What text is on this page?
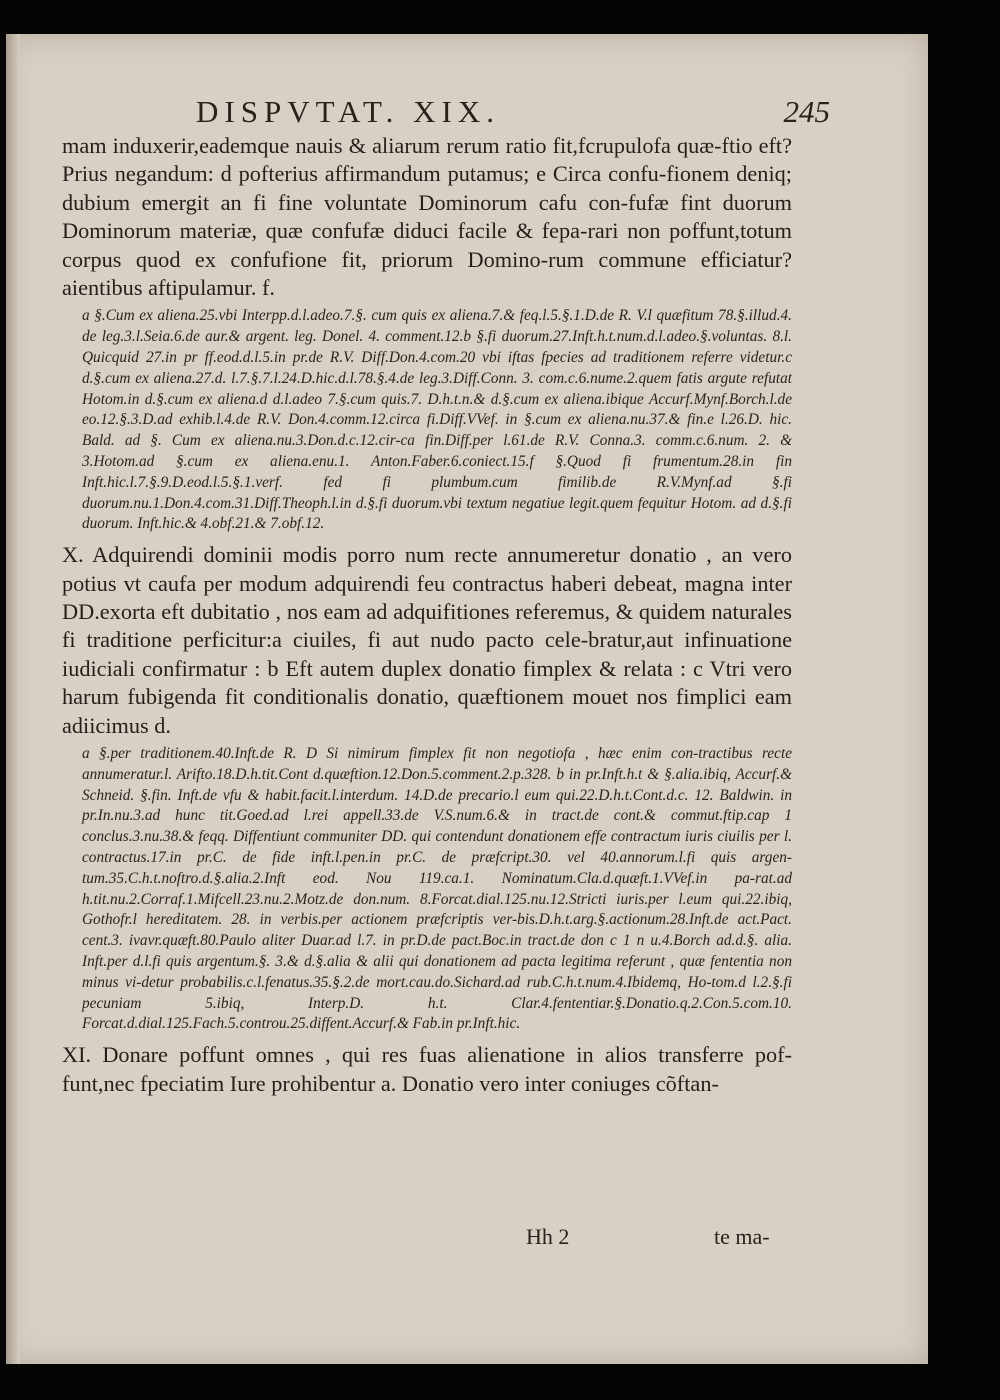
DISPVTAT. XIX.	245

mam induxerir,eademque nauis & aliarum rerum ratio fit,fcrupulofa quæ-ftio eft? Prius negandum: d pofterius affirmandum putamus; e Circa confu-fionem deniq; dubium emergit an fi fine voluntate Dominorum cafu con-fufæ fint duorum Dominorum materiæ, quæ confufæ diduci facile & fepa-rari non poffunt,totum corpus quod ex confufione fit, priorum Domino-rum commune efficiatur? aientibus aftipulamur. f.

a §.Cum ex aliena.25.vbi Interpp.d.l.adeo.7.§. cum quis ex aliena.7.& feq.l.5.§.1.D.de R. V.l quæfitum 78.§.illud.4. de leg.3.l.Seia.6.de aur.& argent. leg. Donel. 4. comment.12.b §.fi duorum.27.Inft.h.t.num.d.l.adeo.§.voluntas. 8.l. Quicquid 27.in pr ff.eod.d.l.5.in pr.de R.V. Diff.Don.4.com.20 vbi iftas fpecies ad traditionem referre videtur.c d.§.cum ex aliena.27.d. l.7.§.7.l.24.D.hic.d.l.78.§.4.de leg.3.Diff.Conn. 3. com.c.6.nume.2.quem fatis argute refutat Hotom.in d.§.cum ex aliena.d d.l.adeo 7.§.cum quis.7. D.h.t.n.& d.§.cum ex aliena.ibique Accurf.Mynf.Borch.l.de eo.12.§.3.D.ad exhib.l.4.de R.V. Don.4.comm.12.circa fi.Diff.VVef. in §.cum ex aliena.nu.37.& fin.e l.26.D. hic. Bald. ad §. Cum ex aliena.nu.3.Don.d.c.12.cir-ca fin.Diff.per l.61.de R.V. Conna.3. comm.c.6.num. 2. & 3.Hotom.ad §.cum ex aliena.enu.1. Anton.Faber.6.coniect.15.f §.Quod fi frumentum.28.in fin Inft.hic.l.7.§.9.D.eod.l.5.§.1.verf. fed fi plumbum.cum fimilib.de R.V.Mynf.ad §.fi duorum.nu.1.Don.4.com.31.Diff.Theoph.l.in d.§.fi duorum.vbi textum negatiue legit.quem fequitur Hotom. ad d.§.fi duorum. Inft.hic.& 4.obf.21.& 7.obf.12.

X. Adquirendi dominii modis porro num recte annumeretur donatio , an vero potius vt caufa per modum adquirendi feu contractus haberi debeat, magna inter DD.exorta eft dubitatio , nos eam ad adquifitiones referemus, & quidem naturales fi traditione perficitur:a ciuiles, fi aut nudo pacto cele-bratur,aut infinuatione iudiciali confirmatur : b Eft autem duplex donatio fimplex & relata : c Vtri vero harum fubigenda fit conditionalis donatio, quæftionem mouet nos fimplici eam adiicimus d.

a §.per traditionem.40.Inft.de R. D Si nimirum fimplex fit non negotiofa , hæc enim con-tractibus recte annumeratur.l. Arifto.18.D.h.tit.Cont d.quæftion.12.Don.5.comment.2.p.328. b in pr.Inft.h.t & §.alia.ibiq, Accurf.& Schneid. §.fin. Inft.de vfu & habit.facit.l.interdum. 14.D.de precario.l eum qui.22.D.h.t.Cont.d.c. 12. Baldwin. in pr.In.nu.3.ad hunc tit.Goed.ad l.rei appell.33.de V.S.num.6.& in tract.de cont.& commut.ftip.cap 1 conclus.3.nu.38.& feqq. Diffentiunt communiter DD. qui contendunt donationem effe contractum iuris ciuilis per l. contractus.17.in pr.C. de fide inft.l.pen.in pr.C. de præfcript.30. vel 40.annorum.l.fi quis argen-tum.35.C.h.t.noftro.d.§.alia.2.Inft eod. Nou 119.ca.1. Nominatum.Cla.d.quæft.1.VVef.in pa-rat.ad h.tit.nu.2.Corraf.1.Mifcell.23.nu.2.Motz.de don.num. 8.Forcat.dial.125.nu.12.Stricti iuris.per l.eum qui.22.ibiq, Gothofr.l hereditatem. 28. in verbis.per actionem præfcriptis ver-bis.D.h.t.arg.§.actionum.28.Inft.de act.Pact. cent.3. ivavr.quæft.80.Paulo aliter Duar.ad l.7. in pr.D.de pact.Boc.in tract.de don c 1 n u.4.Borch ad.d.§. alia. Inft.per d.l.fi quis argentum.§. 3.& d.§.alia & alii qui donationem ad pacta legitima referunt , quæ fententia non minus vi-detur probabilis.c.l.fenatus.35.§.2.de mort.cau.do.Sichard.ad rub.C.h.t.num.4.Ibidemq, Ho-tom.d l.2.§.fi pecuniam 5.ibiq, Interp.D. h.t. Clar.4.fententiar.§.Donatio.q.2.Con.5.com.10. Forcat.d.dial.125.Fach.5.controu.25.diffent.Accurf.& Fab.in pr.Inft.hic.

XI. Donare poffunt omnes , qui res fuas alienatione in alios transferre pof-funt,nec fpeciatim Iure prohibentur a. Donatio vero inter coniuges cõftan-

Hh 2	te ma-
